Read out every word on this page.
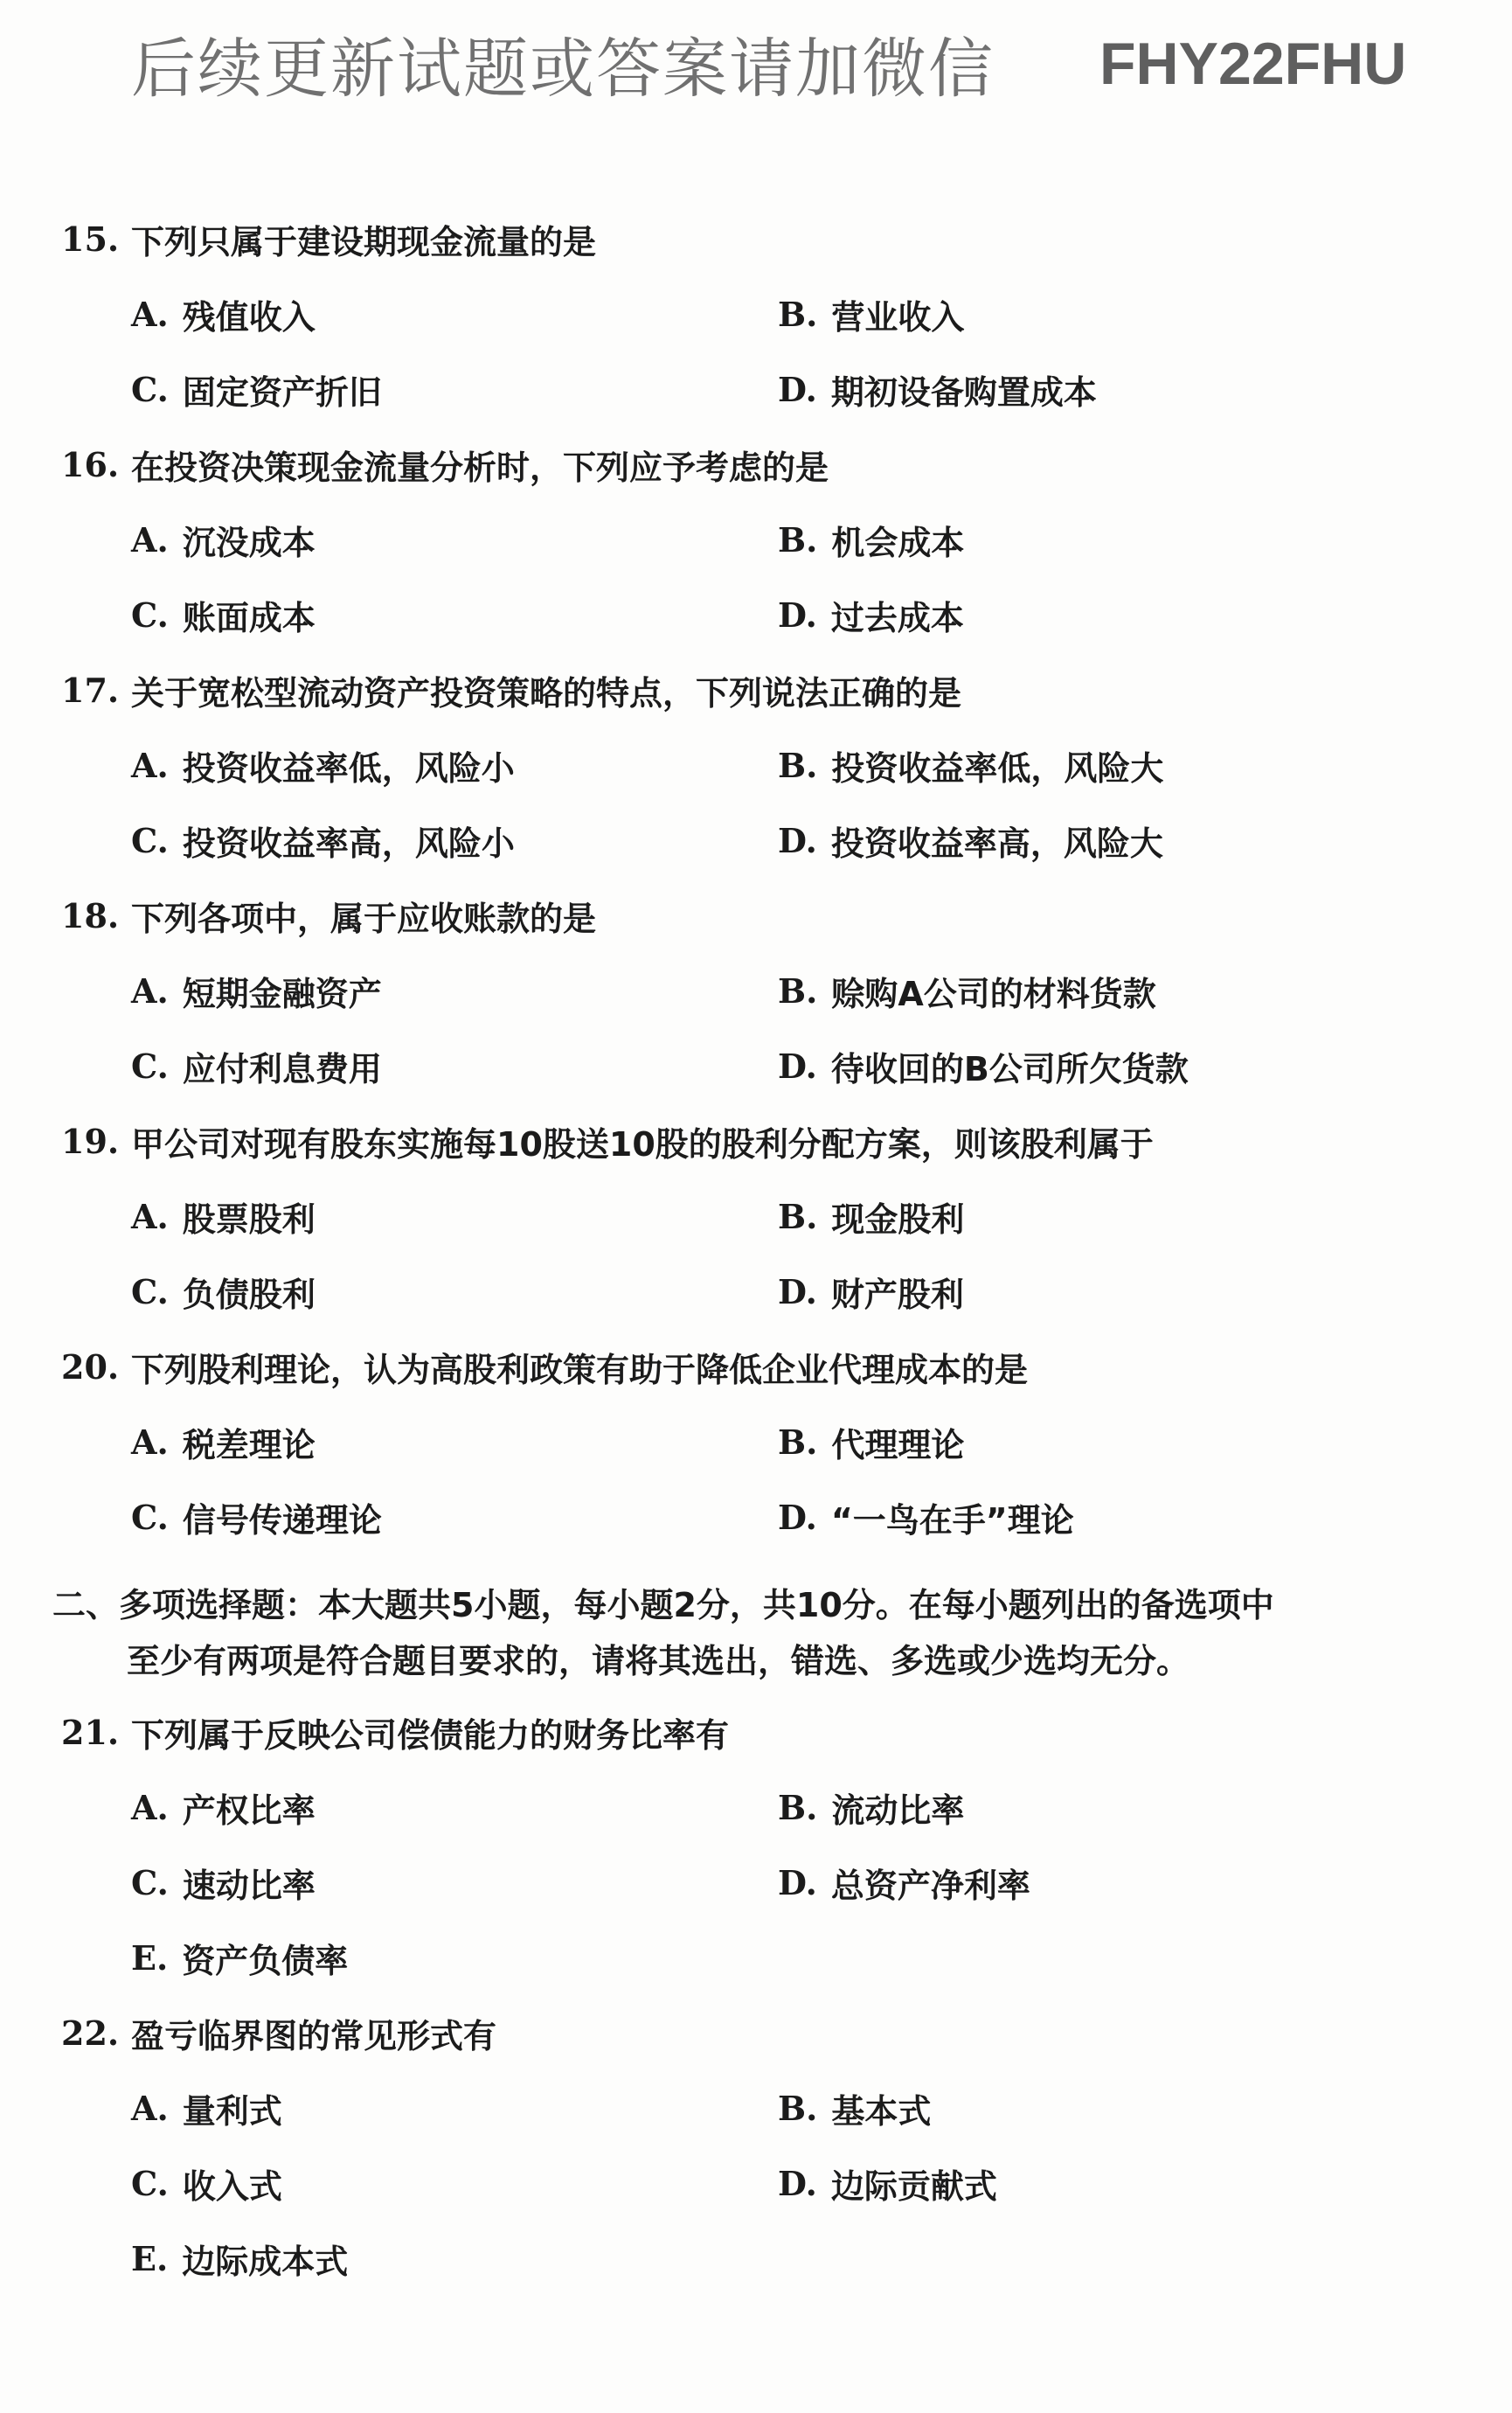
后续更新试题或答案请加微信 FHY22FHU
15. 下列只属于建设期现金流量的是
A. 残值收入	B. 营业收入
C. 固定资产折旧	D. 期初设备购置成本
16. 在投资决策现金流量分析时，下列应予考虑的是
A. 沉没成本	B. 机会成本
C. 账面成本	D. 过去成本
17. 关于宽松型流动资产投资策略的特点，下列说法正确的是
A. 投资收益率低，风险小	B. 投资收益率低，风险大
C. 投资收益率高，风险小	D. 投资收益率高，风险大
18. 下列各项中，属于应收账款的是
A. 短期金融资产	B. 赊购A公司的材料货款
C. 应付利息费用	D. 待收回的B公司所欠货款
19. 甲公司对现有股东实施每10股送10股的股利分配方案，则该股利属于
A. 股票股利	B. 现金股利
C. 负债股利	D. 财产股利
20. 下列股利理论，认为高股利政策有助于降低企业代理成本的是
A. 税差理论	B. 代理理论
C. 信号传递理论	D. “一鸟在手”理论
二、多项选择题：本大题共5小题，每小题2分，共10分。在每小题列出的备选项中
至少有两项是符合题目要求的，请将其选出，错选、多选或少选均无分。
21. 下列属于反映公司偿债能力的财务比率有
A. 产权比率	B. 流动比率
C. 速动比率	D. 总资产净利率
E. 资产负债率
22. 盈亏临界图的常见形式有
A. 量利式	B. 基本式
C. 收入式	D. 边际贡献式
E. 边际成本式
